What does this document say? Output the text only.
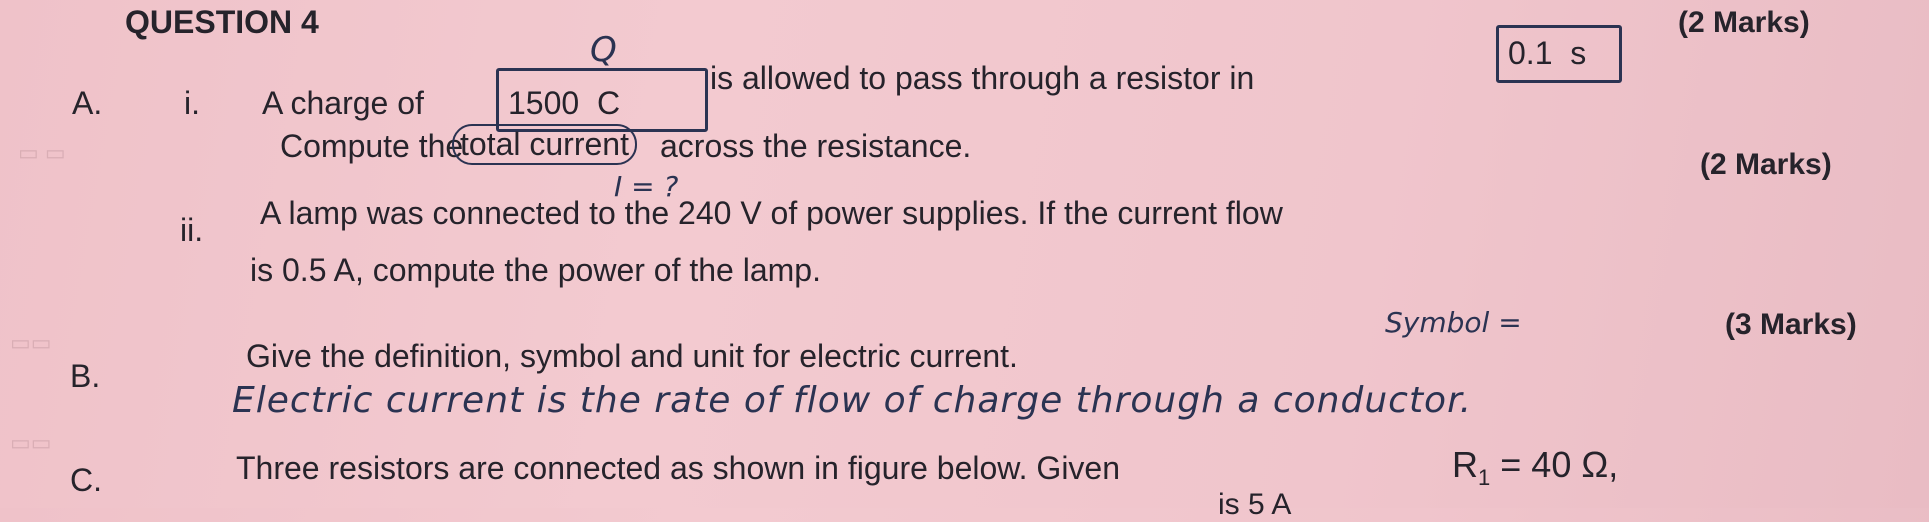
▭ ▭
▭▭
▭▭
QUESTION 4
A.	i. A charge of	1500  C
Q
is allowed to pass through a resistor in
0.1  s
(2 Marks)
Compute the
total current across the resistance.
I = ?
(2 Marks)
ii. A lamp was connected to the 240 V of power supplies. If the current flow
is 0.5 A, compute the power of the lamp.
Symbol =	(3 Marks)
B.
Give the definition, symbol and unit for electric current.
Electric current is the rate of flow of charge through a conductor.
C.	Three resistors are connected as shown in figure below. Given	$R_1 = 40$ Ω,
is 5 A
